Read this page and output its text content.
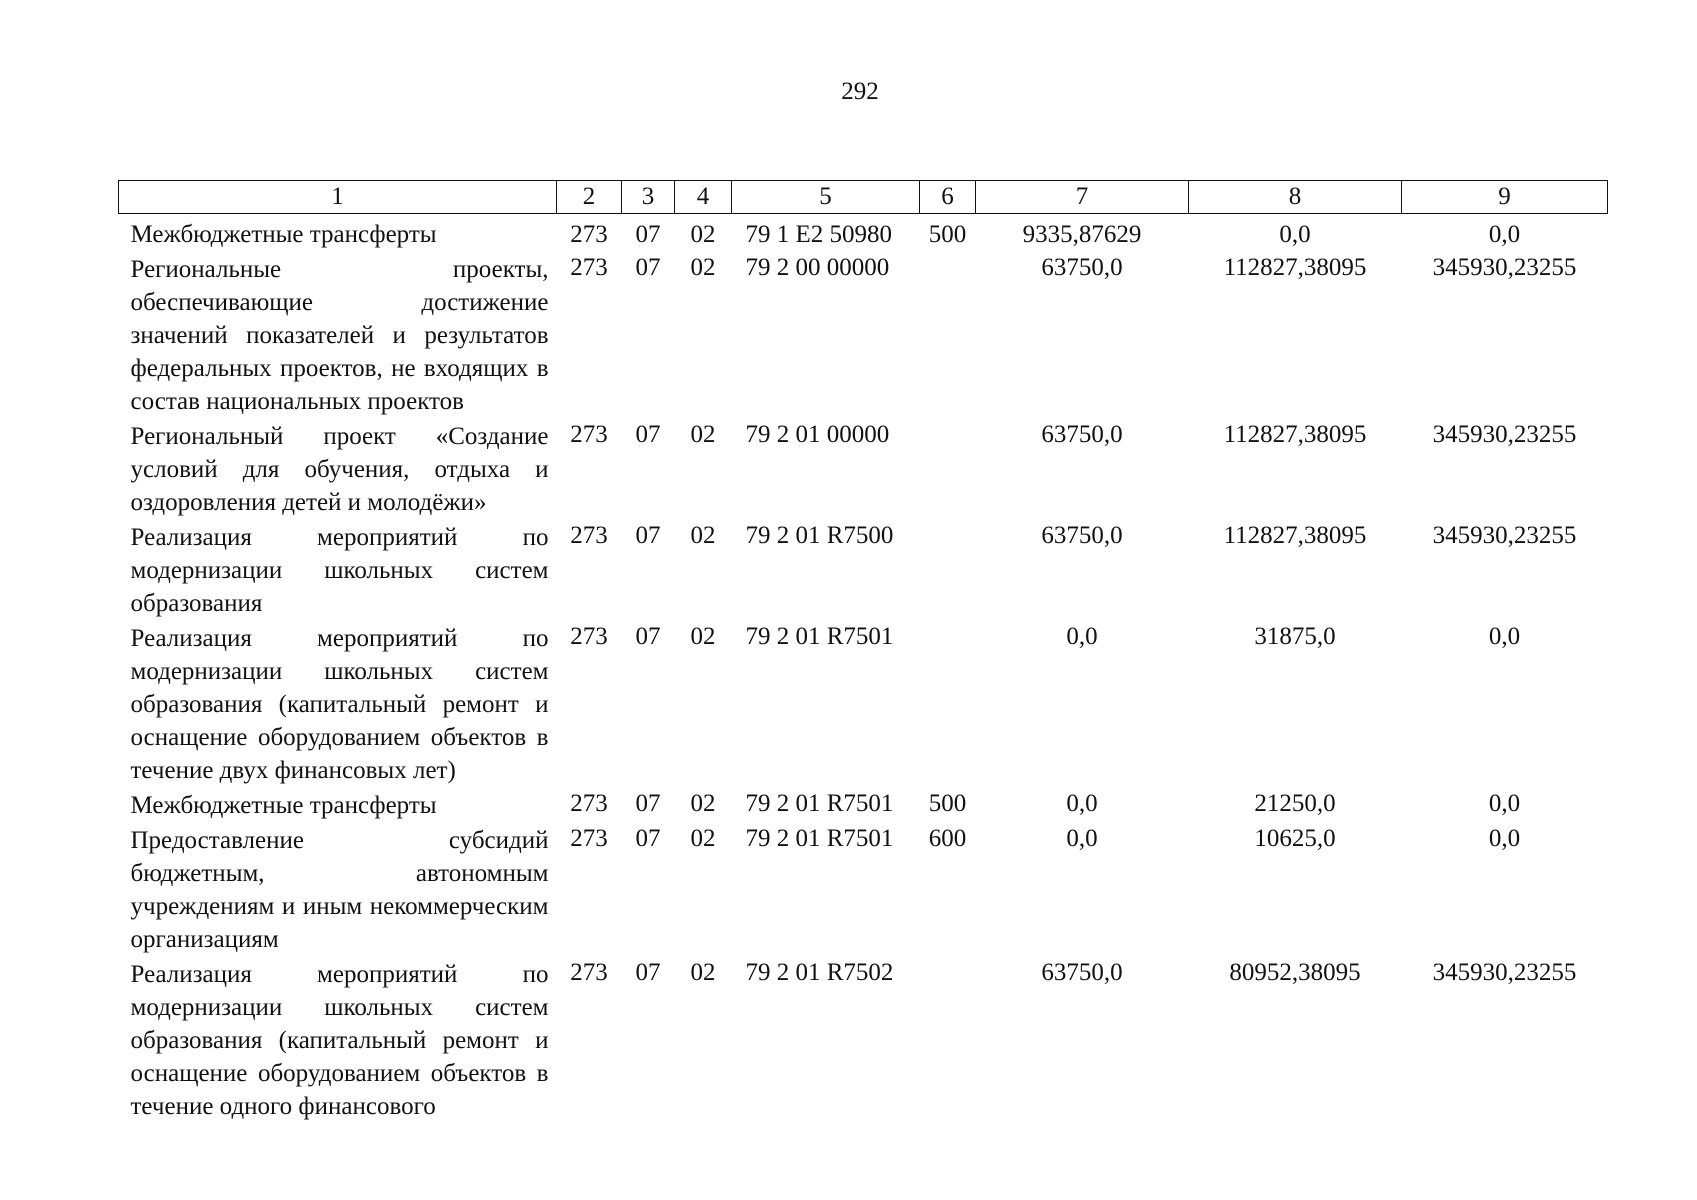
292
1	2	3	4	5	6	7	8	9
Межбюджетные трансферты	273	07	02	79 1 E2 50980	500	9335,87629	0,0	0,0
Региональные проекты, обеспечивающие достижение значений показателей и результатов федеральных проектов, не входящих в состав национальных проектов	273	07	02	79 2 00 00000		63750,0	112827,38095	345930,23255
Региональный проект «Создание условий для обучения, отдыха и оздоровления детей и молодёжи»	273	07	02	79 2 01 00000		63750,0	112827,38095	345930,23255
Реализация мероприятий по модернизации школьных систем образования	273	07	02	79 2 01 R7500		63750,0	112827,38095	345930,23255
Реализация мероприятий по модернизации школьных систем образования (капитальный ремонт и оснащение оборудованием объектов в течение двух финансовых лет)	273	07	02	79 2 01 R7501		0,0	31875,0	0,0
Межбюджетные трансферты	273	07	02	79 2 01 R7501	500	0,0	21250,0	0,0
Предоставление субсидий бюджетным, автономным учреждениям и иным некоммерческим организациям	273	07	02	79 2 01 R7501	600	0,0	10625,0	0,0
Реализация мероприятий по модернизации школьных систем образования (капитальный ремонт и оснащение оборудованием объектов в течение одного финансового	273	07	02	79 2 01 R7502		63750,0	80952,38095	345930,23255
